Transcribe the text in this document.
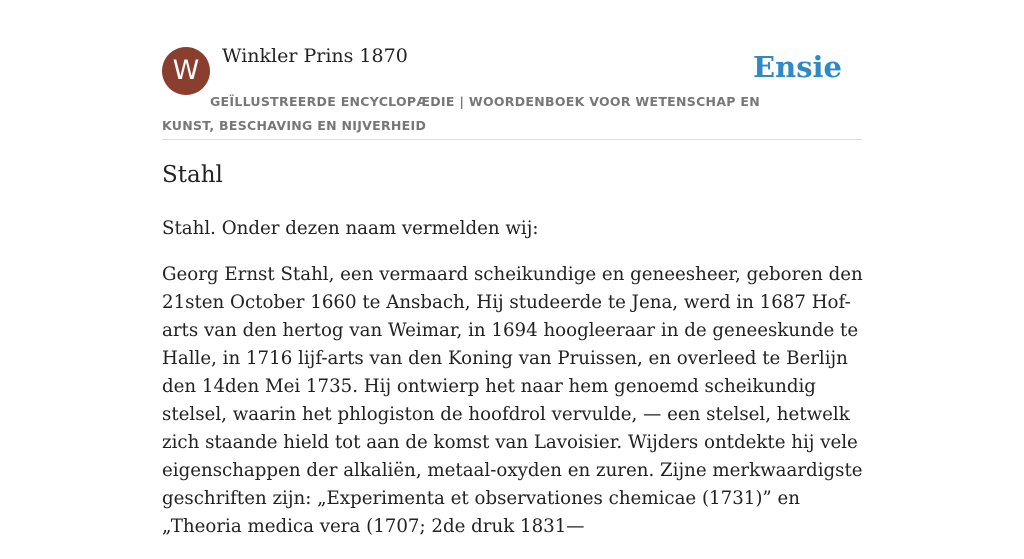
W	Winkler Prins 1870	Ensie
GEÏLLUSTREERDE ENCYCLOPÆDIE | WOORDENBOEK VOOR WETENSCHAP EN KUNST, BESCHAVING EN NIJVERHEID
Stahl

Stahl. Onder dezen naam vermelden wij:

Georg Ernst Stahl, een vermaard scheikundige en geneesheer, geboren den 21sten October 1660 te Ansbach, Hij studeerde te Jena, werd in 1687 Hof-arts van den hertog van Weimar, in 1694 hoogleeraar in de geneeskunde te Halle, in 1716 lijf-arts van den Koning van Pruissen, en overleed te Berlijn den 14den Mei 1735. Hij ontwierp het naar hem genoemd scheikundig stelsel, waarin het phlogiston de hoofdrol vervulde, — een stelsel, hetwelk zich staande hield tot aan de komst van Lavoisier. Wijders ontdekte hij vele eigenschappen der alkaliën, metaal-oxyden en zuren. Zijne merkwaardigste geschriften zijn: „Experimenta et observationes chemicae (1731)” en „Theoria medica vera (1707; 2de druk 1831—
